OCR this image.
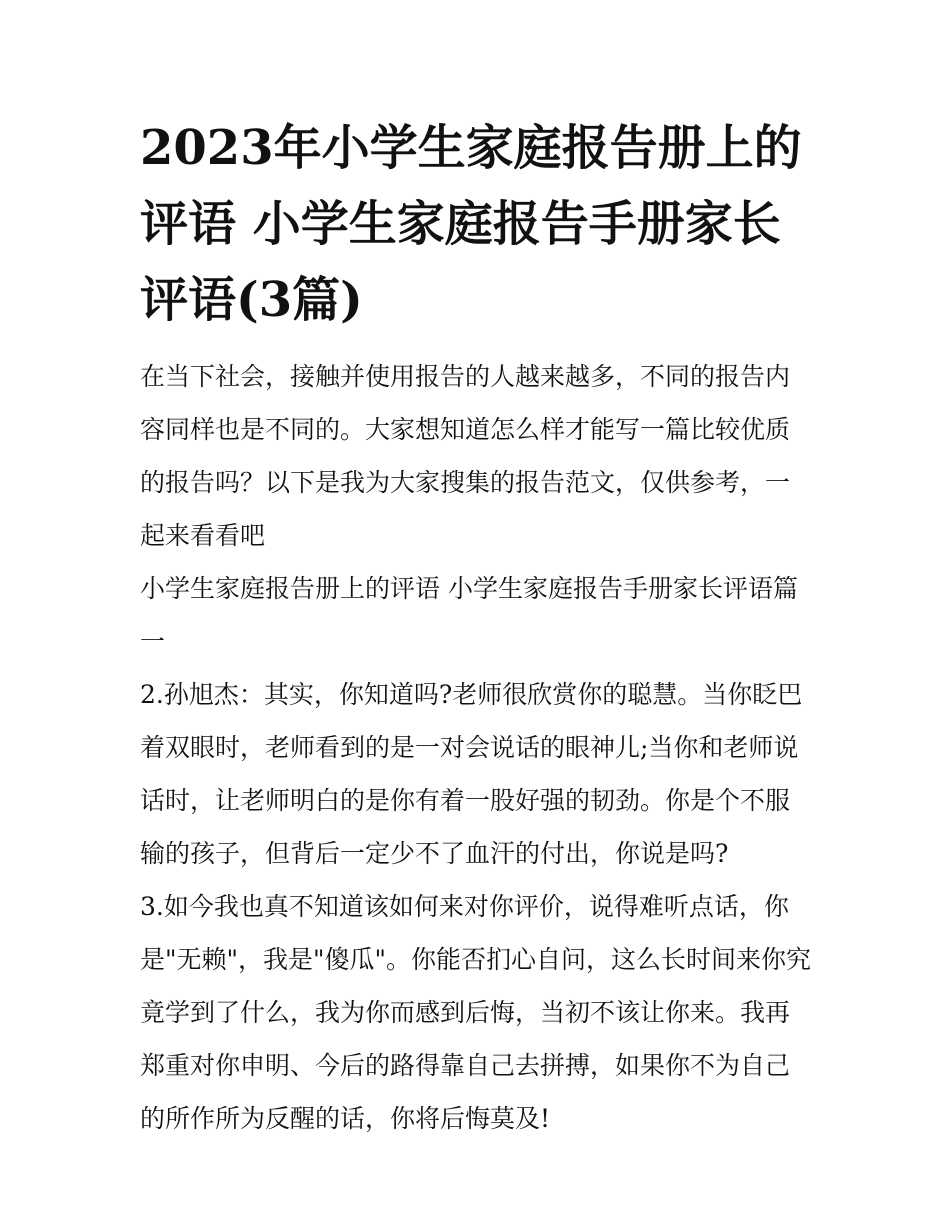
2023年小学生家庭报告册上的评语 小学生家庭报告手册家长评语(3篇)

在当下社会，接触并使用报告的人越来越多，不同的报告内容同样也是不同的。大家想知道怎么样才能写一篇比较优质的报告吗？以下是我为大家搜集的报告范文，仅供参考，一起来看看吧

小学生家庭报告册上的评语 小学生家庭报告手册家长评语篇一

2.孙旭杰：其实，你知道吗?老师很欣赏你的聪慧。当你眨巴着双眼时，老师看到的是一对会说话的眼神儿;当你和老师说话时，让老师明白的是你有着一股好强的韧劲。你是个不服输的孩子，但背后一定少不了血汗的付出，你说是吗?

3.如今我也真不知道该如何来对你评价，说得难听点话，你是"无赖"，我是"傻瓜"。你能否扪心自问，这么长时间来你究竟学到了什么，我为你而感到后悔，当初不该让你来。我再郑重对你申明、今后的路得靠自己去拼搏，如果你不为自己的所作所为反醒的话，你将后悔莫及!
